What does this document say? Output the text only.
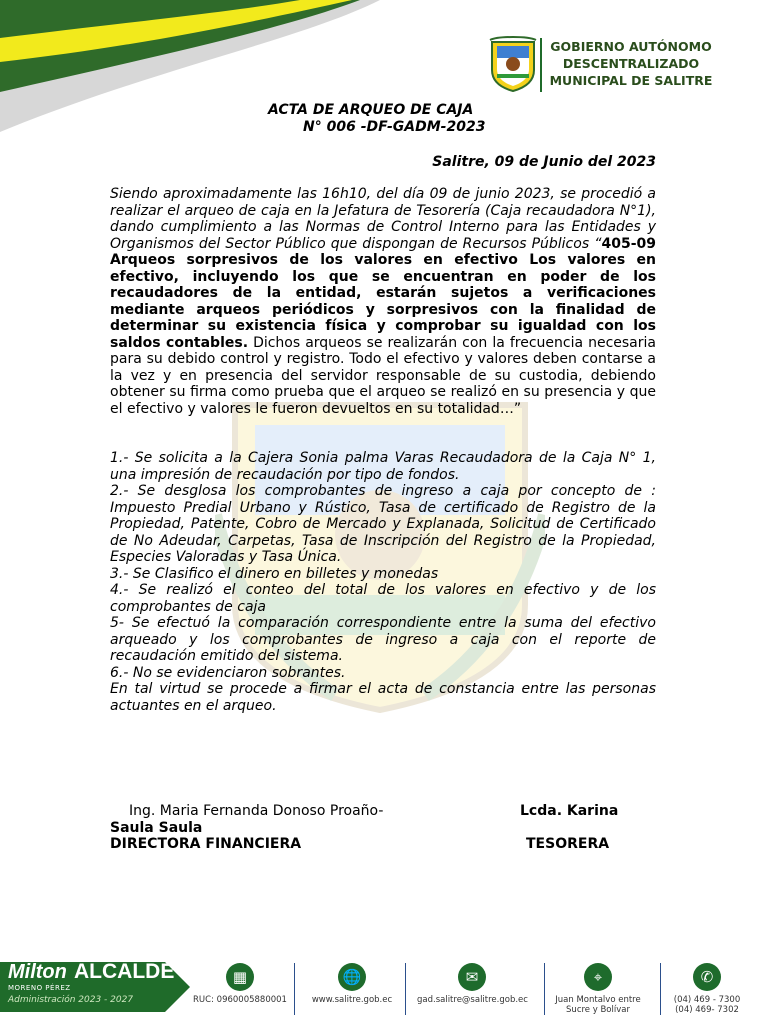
GOBIERNO AUTÓNOMO
DESCENTRALIZADO
MUNICIPAL DE SALITRE
ACTA DE ARQUEO DE CAJA
N° 006 -DF-GADM-2023
Salitre, 09 de Junio del 2023

Siendo aproximadamente las 16h10, del día 09 de junio 2023, se procedió a realizar el arqueo de caja en la Jefatura de Tesorería (Caja recaudadora N°1), dando cumplimiento a las Normas de Control Interno para las Entidades y Organismos del Sector Público que dispongan de Recursos Públicos “405-09 Arqueos sorpresivos de los valores en efectivo Los valores en efectivo, incluyendo los que se encuentran en poder de los recaudadores de la entidad, estarán sujetos a verificaciones mediante arqueos periódicos y sorpresivos con la finalidad de determinar su existencia física y comprobar su igualdad con los saldos contables. Dichos arqueos se realizarán con la frecuencia necesaria para su debido control y registro. Todo el efectivo y valores deben contarse a la vez y en presencia del servidor responsable de su custodia, debiendo obtener su firma como prueba que el arqueo se realizó en su presencia y que el efectivo y valores le fueron devueltos en su totalidad…”

1.- Se solicita a la Cajera Sonia palma Varas Recaudadora de la Caja N° 1, una impresión de recaudación por tipo de fondos.

2.- Se desglosa los comprobantes de ingreso a caja por concepto de : Impuesto Predial Urbano y Rústico, Tasa de certificado de Registro de la Propiedad, Patente, Cobro de Mercado y Explanada, Solicitud de Certificado de No Adeudar, Carpetas, Tasa de Inscripción del Registro de la Propiedad, Especies Valoradas y Tasa Única.

3.- Se Clasifico el dinero en billetes y monedas

4.- Se realizó el conteo del total de los valores en efectivo y de los comprobantes de caja

5- Se efectuó la comparación correspondiente entre la suma del efectivo arqueado y los comprobantes de ingreso a caja con el reporte de recaudación emitido del sistema.

6.- No se evidenciaron sobrantes.

En tal virtud se procede a firmar el acta de constancia entre las personas actuantes en el arqueo.

Ing. Maria Fernanda Donoso Proaño-
Saula Saula
DIRECTORA FINANCIERA
Lcda. Karina
TESORERA
Milton
MORENO PÉREZ
ALCALDE
Administración 2023 - 2027
▦
RUC: 0960005880001
🌐
www.salitre.gob.ec
✉
gad.salitre@salitre.gob.ec
⌖
Juan Montalvo entre Sucre y Bolívar
✆
(04) 469 - 7300
(04) 469- 7302
